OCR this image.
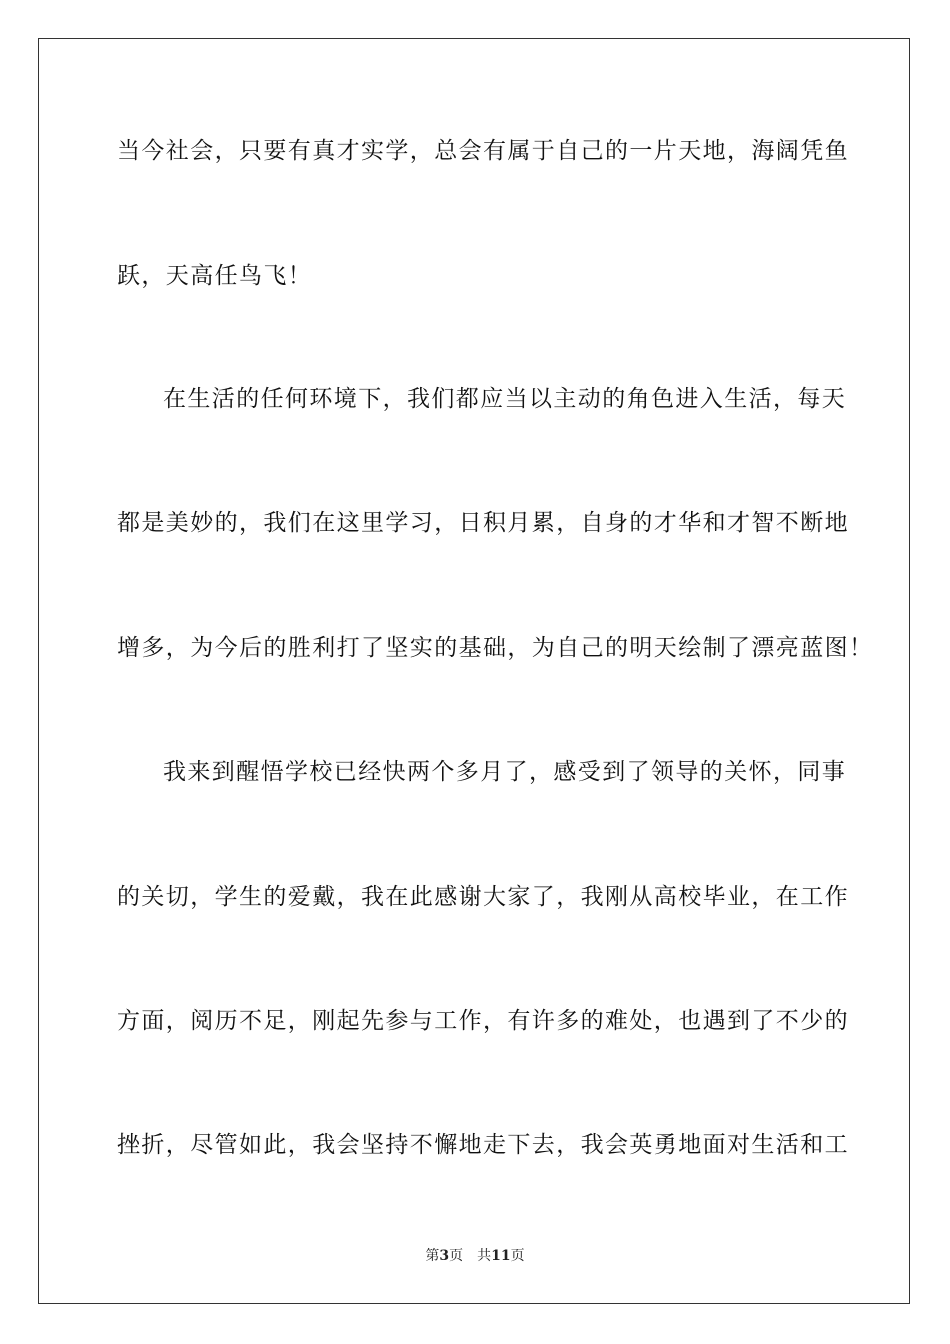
当今社会，只要有真才实学，总会有属于自己的一片天地，海阔凭鱼
跃，天高任鸟飞！
在生活的任何环境下，我们都应当以主动的角色进入生活，每天
都是美妙的，我们在这里学习，日积月累，自身的才华和才智不断地
增多，为今后的胜利打了坚实的基础，为自己的明天绘制了漂亮蓝图！
我来到醒悟学校已经快两个多月了，感受到了领导的关怀，同事
的关切，学生的爱戴，我在此感谢大家了，我刚从高校毕业，在工作
方面，阅历不足，刚起先参与工作，有许多的难处，也遇到了不少的
挫折，尽管如此，我会坚持不懈地走下去，我会英勇地面对生活和工
第3页 共11页
